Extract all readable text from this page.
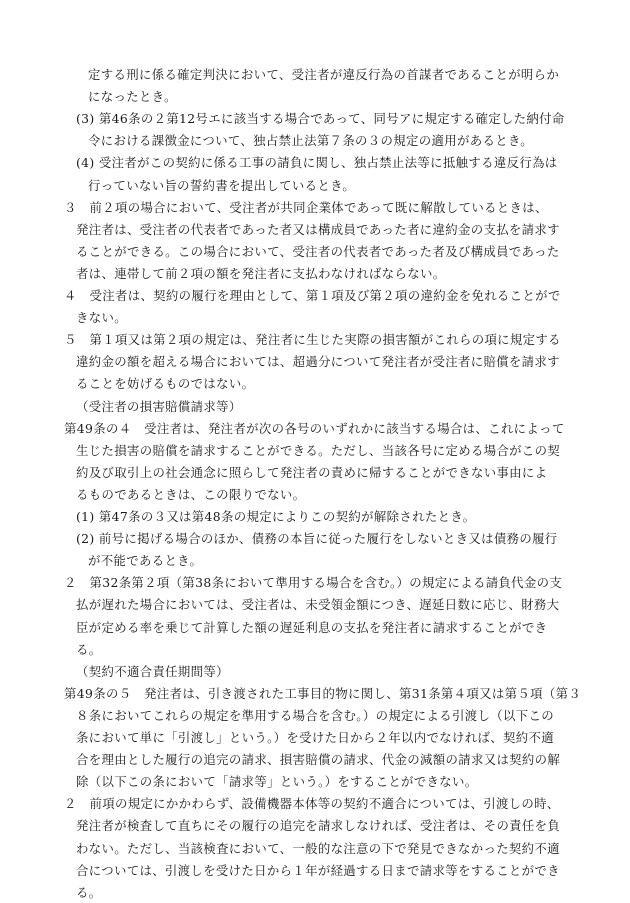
定する刑に係る確定判決において、受注者が違反行為の首謀者であることが明らか
になったとき。
(3) 第46条の２第12号エに該当する場合であって、同号アに規定する確定した納付命
令における課徴金について、独占禁止法第７条の３の規定の適用があるとき。
(4) 受注者がこの契約に係る工事の請負に関し、独占禁止法等に抵触する違反行為は
行っていない旨の誓約書を提出しているとき。
３　前２項の場合において、受注者が共同企業体であって既に解散しているときは、
発注者は、受注者の代表者であった者又は構成員であった者に違約金の支払を請求す
ることができる。この場合において、受注者の代表者であった者及び構成員であった
者は、連帯して前２項の額を発注者に支払わなければならない。
４　受注者は、契約の履行を理由として、第１項及び第２項の違約金を免れることがで
きない。
５　第１項又は第２項の規定は、発注者に生じた実際の損害額がこれらの項に規定する
違約金の額を超える場合においては、超過分について発注者が受注者に賠償を請求す
ることを妨げるものではない。
（受注者の損害賠償請求等）
第49条の４　受注者は、発注者が次の各号のいずれかに該当する場合は、これによって
生じた損害の賠償を請求することができる。ただし、当該各号に定める場合がこの契
約及び取引上の社会通念に照らして発注者の責めに帰することができない事由によ
るものであるときは、この限りでない。
(1) 第47条の３又は第48条の規定によりこの契約が解除されたとき。
(2) 前号に掲げる場合のほか、債務の本旨に従った履行をしないとき又は債務の履行
が不能であるとき。
２　第32条第２項（第38条において準用する場合を含む。）の規定による請負代金の支
払が遅れた場合においては、受注者は、未受領金額につき、遅延日数に応じ、財務大
臣が定める率を乗じて計算した額の遅延利息の支払を発注者に請求することができ
る。
（契約不適合責任期間等）
第49条の５　発注者は、引き渡された工事目的物に関し、第31条第４項又は第５項（第３
８条においてこれらの規定を準用する場合を含む。）の規定による引渡し（以下この
条において単に「引渡し」という。）を受けた日から２年以内でなければ、契約不適
合を理由とした履行の追完の請求、損害賠償の請求、代金の減額の請求又は契約の解
除（以下この条において「請求等」という。）をすることができない。
２　前項の規定にかかわらず、設備機器本体等の契約不適合については、引渡しの時、
発注者が検査して直ちにその履行の追完を請求しなければ、受注者は、その責任を負
わない。ただし、当該検査において、一般的な注意の下で発見できなかった契約不適
合については、引渡しを受けた日から１年が経過する日まで請求等をすることができ
る。
